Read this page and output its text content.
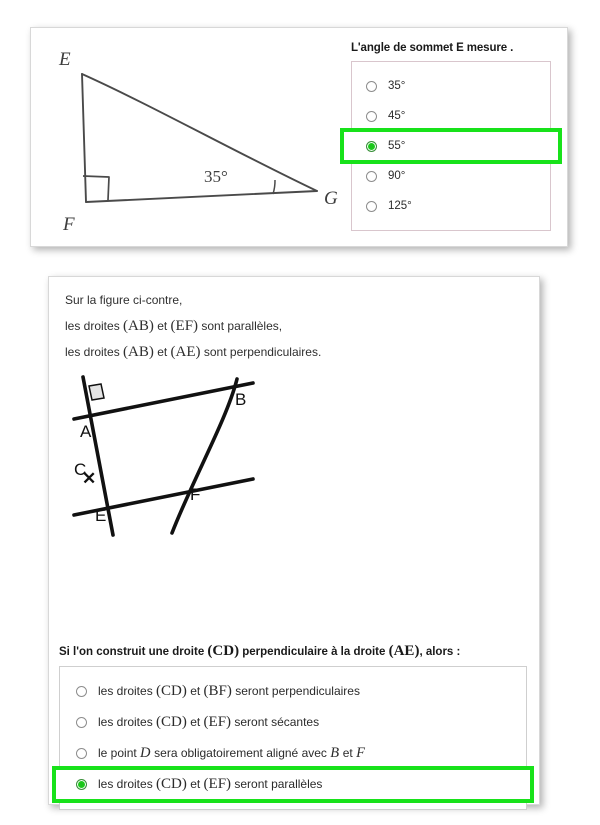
E
F
G
35°
L'angle de sommet E mesure .
35°
45°
55°
90°
125°
Sur la figure ci-contre,
les droites (AB) et (EF) sont parallèles,
les droites (AB) et (AE) sont perpendiculaires.
A
B
C
E
F
✕
Si l'on construit une droite (CD) perpendiculaire à la droite (AE), alors :
les droites (CD) et (BF) seront perpendiculaires
les droites (CD) et (EF) seront sécantes
le point D sera obligatoirement aligné avec B et F
les droites (CD) et (EF) seront parallèles
